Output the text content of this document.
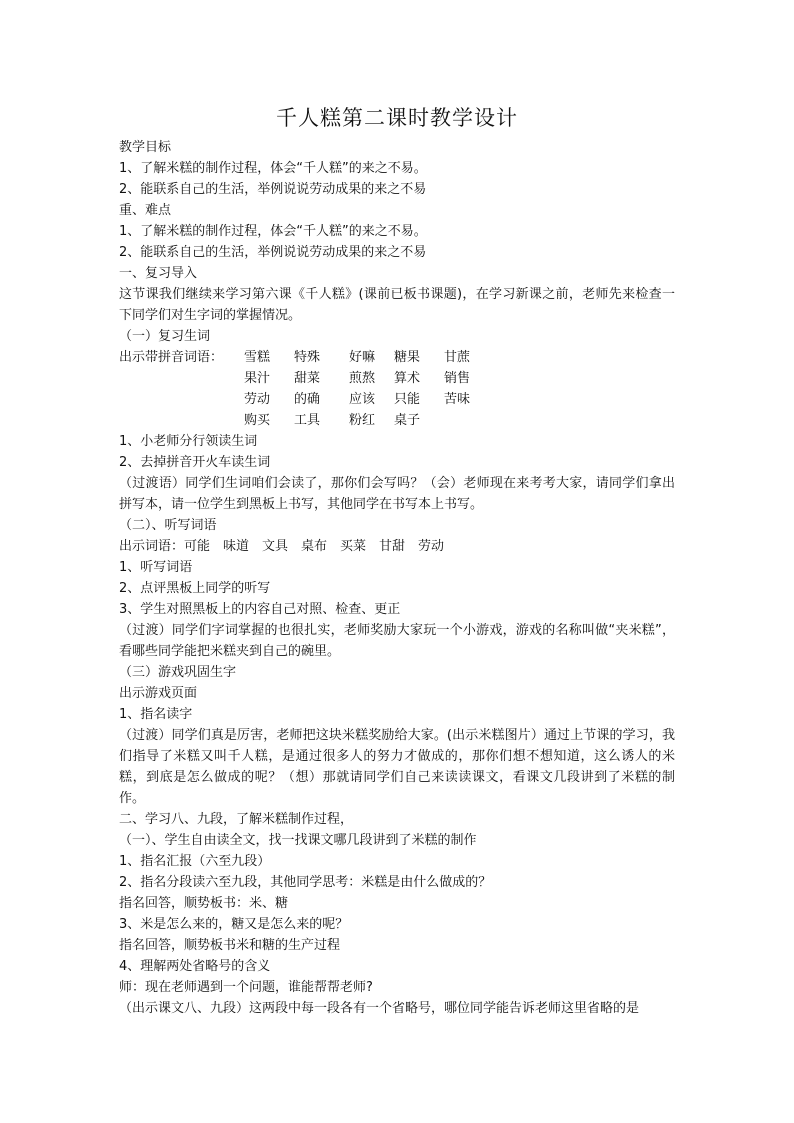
千人糕第二课时教学设计

教学目标

1、了解米糕的制作过程，体会“千人糕”的来之不易。

2、能联系自己的生活，举例说说劳动成果的来之不易

重、难点

1、了解米糕的制作过程，体会“千人糕”的来之不易。

2、能联系自己的生活，举例说说劳动成果的来之不易

一、复习导入

这节课我们继续来学习第六课《千人糕》(课前已板书课题)，在学习新课之前，老师先来检查一下同学们对生字词的掌握情况。

（一）复习生词

出示带拼音词语：	雪糕 特殊 好嘛 糖果 甘蔗
果汁 甜菜 煎熬 算术 销售
劳动 的确 应该 只能 苦味
购买 工具 粉红 桌子

1、小老师分行领读生词

2、去掉拼音开火车读生词

（过渡语）同学们生词咱们会读了，那你们会写吗？（会）老师现在来考考大家，请同学们拿出拼写本，请一位学生到黑板上书写，其他同学在书写本上书写。

（二）、听写词语

出示词语：可能　味道　文具　桌布　买菜　甘甜　劳动

1、听写词语

2、点评黑板上同学的听写

3、学生对照黑板上的内容自己对照、检查、更正

（过渡）同学们字词掌握的也很扎实，老师奖励大家玩一个小游戏，游戏的名称叫做“夹米糕”，看哪些同学能把米糕夹到自己的碗里。

（三）游戏巩固生字

出示游戏页面

1、指名读字

（过渡）同学们真是厉害，老师把这块米糕奖励给大家。(出示米糕图片）通过上节课的学习，我们指导了米糕又叫千人糕，是通过很多人的努力才做成的，那你们想不想知道，这么诱人的米糕，到底是怎么做成的呢？（想）那就请同学们自己来读读课文，看课文几段讲到了米糕的制作。

二、学习八、九段，了解米糕制作过程，

（一）、学生自由读全文，找一找课文哪几段讲到了米糕的制作

1、指名汇报（六至九段）

2、指名分段读六至九段，其他同学思考：米糕是由什么做成的？

指名回答，顺势板书：米、糖

3、米是怎么来的，糖又是怎么来的呢？

指名回答，顺势板书米和糖的生产过程

4、理解两处省略号的含义

师：现在老师遇到一个问题，谁能帮帮老师?

（出示课文八、九段）这两段中每一段各有一个省略号，哪位同学能告诉老师这里省略的是
